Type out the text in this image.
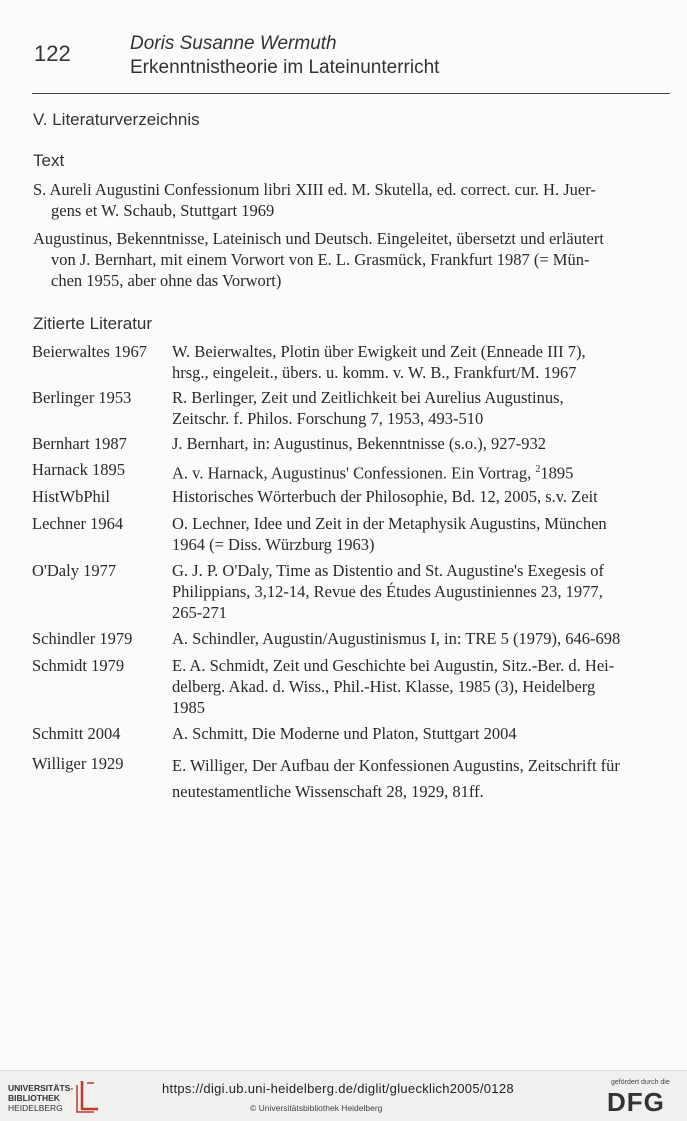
122	Doris Susanne Wermuth
Erkenntnistheorie im Lateinunterricht
V. Literaturverzeichnis
Text
S. Aureli Augustini Confessionum libri XIII ed. M. Skutella, ed. correct. cur. H. Juer-
gens et W. Schaub, Stuttgart 1969
Augustinus, Bekenntnisse, Lateinisch und Deutsch. Eingeleitet, übersetzt und erläutert
von J. Bernhart, mit einem Vorwort von E. L. Grasmück, Frankfurt 1987 (= Mün-
chen 1955, aber ohne das Vorwort)
Zitierte Literatur
Beierwaltes 1967 W. Beierwaltes, Plotin über Ewigkeit und Zeit (Enneade III 7),
hrsg., eingeleit., übers. u. komm. v. W. B., Frankfurt/M. 1967
Berlinger 1953 R. Berlinger, Zeit und Zeitlichkeit bei Aurelius Augustinus,
Zeitschr. f. Philos. Forschung 7, 1953, 493-510
Bernhart 1987	J. Bernhart, in: Augustinus, Bekenntnisse (s.o.), 927-932
Harnack 1895	A. v. Harnack, Augustinus' Confessionen. Ein Vortrag, $^2$1895
HistWbPhil	Historisches Wörterbuch der Philosophie, Bd. 12, 2005, s.v. Zeit
Lechner 1964	O. Lechner, Idee und Zeit in der Metaphysik Augustins, München
1964 (= Diss. Würzburg 1963)
O'Daly 1977	G. J. P. O'Daly, Time as Distentio and St. Augustine's Exegesis of
Philippians, 3,12-14, Revue des Études Augustiniennes 23, 1977,
265-271
Schindler 1979 A. Schindler, Augustin/Augustinismus I, in: TRE 5 (1979), 646-698
Schmidt 1979	E. A. Schmidt, Zeit und Geschichte bei Augustin, Sitz.-Ber. d. Hei-
delberg. Akad. d. Wiss., Phil.-Hist. Klasse, 1985 (3), Heidelberg
1985
Schmitt 2004	A. Schmitt, Die Moderne und Platon, Stuttgart 2004
Williger 1929	E. Williger, Der Aufbau der Konfessionen Augustins, Zeitschrift für
neutestamentliche Wissenschaft 28, 1929, 81ff.
UNIVERSITÄTS-
BIBLIOTHEK
HEIDELBERG
https://digi.ub.uni-heidelberg.de/diglit/gluecklich2005/0128
© Universitätsbibliothek Heidelberg
gefördert durch die
DFG
